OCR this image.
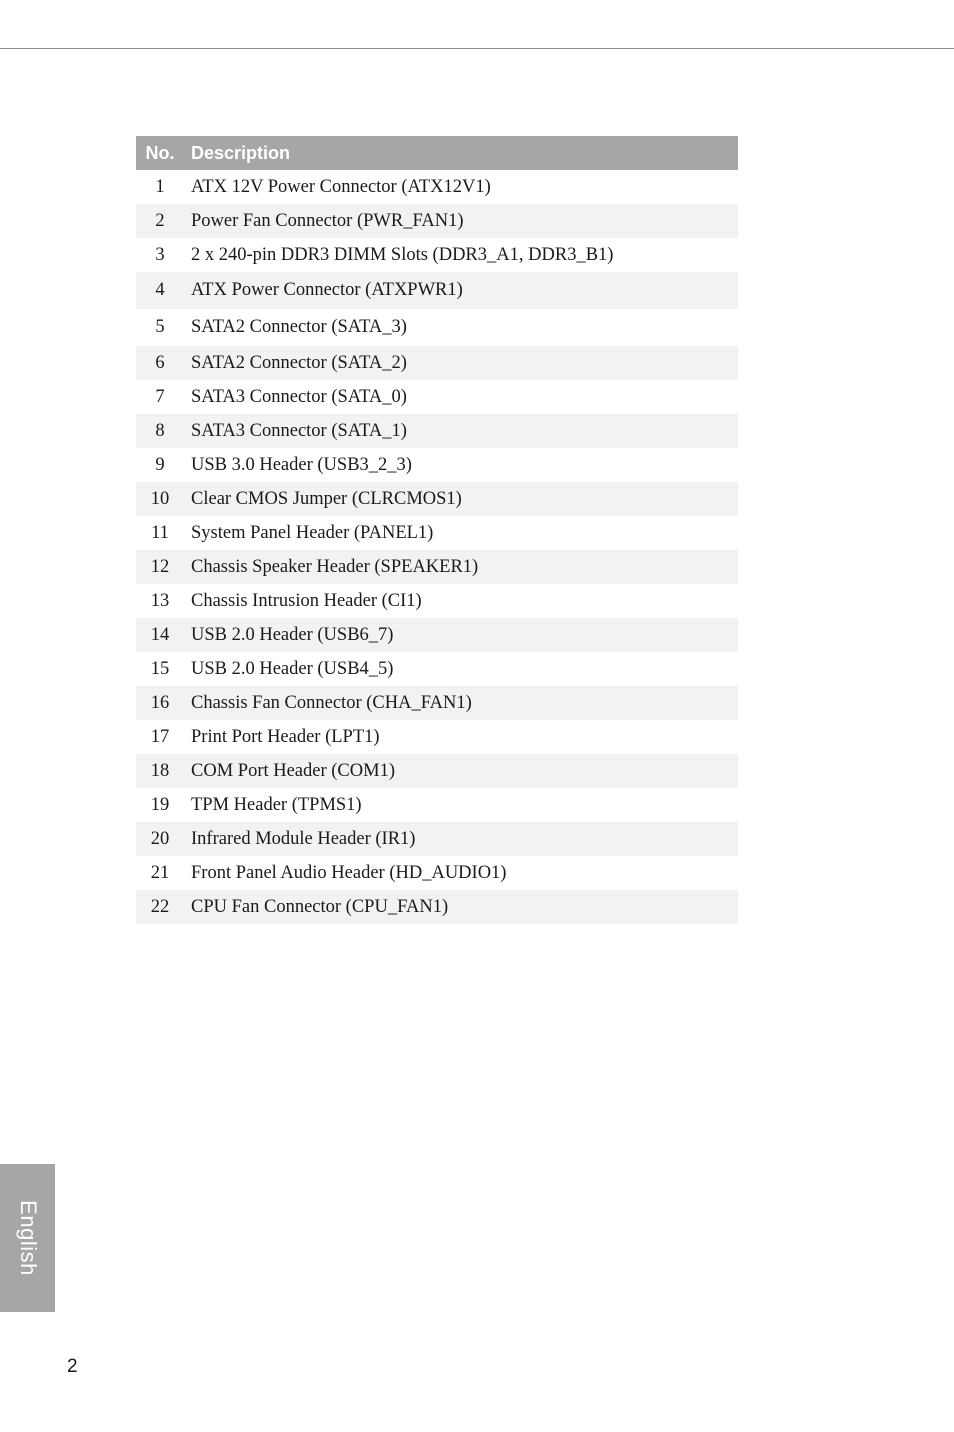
No. Description
1	ATX 12V Power Connector (ATX12V1)
2	Power Fan Connector (PWR_FAN1)
3	2 x 240-pin DDR3 DIMM Slots (DDR3_A1, DDR3_B1)
4	ATX Power Connector (ATXPWR1)
5	SATA2 Connector (SATA_3)
6	SATA2 Connector (SATA_2)
7	SATA3 Connector (SATA_0)
8	SATA3 Connector (SATA_1)
9	USB 3.0 Header (USB3_2_3)
10	Clear CMOS Jumper (CLRCMOS1)
11	System Panel Header (PANEL1)
12	Chassis Speaker Header (SPEAKER1)
13	Chassis Intrusion Header (CI1)
14	USB 2.0 Header (USB6_7)
15	USB 2.0 Header (USB4_5)
16	Chassis Fan Connector (CHA_FAN1)
17	Print Port Header (LPT1)
18	COM Port Header (COM1)
19	TPM Header (TPMS1)
20	Infrared Module Header (IR1)
21	Front Panel Audio Header (HD_AUDIO1)
22	CPU Fan Connector (CPU_FAN1)
English
2
